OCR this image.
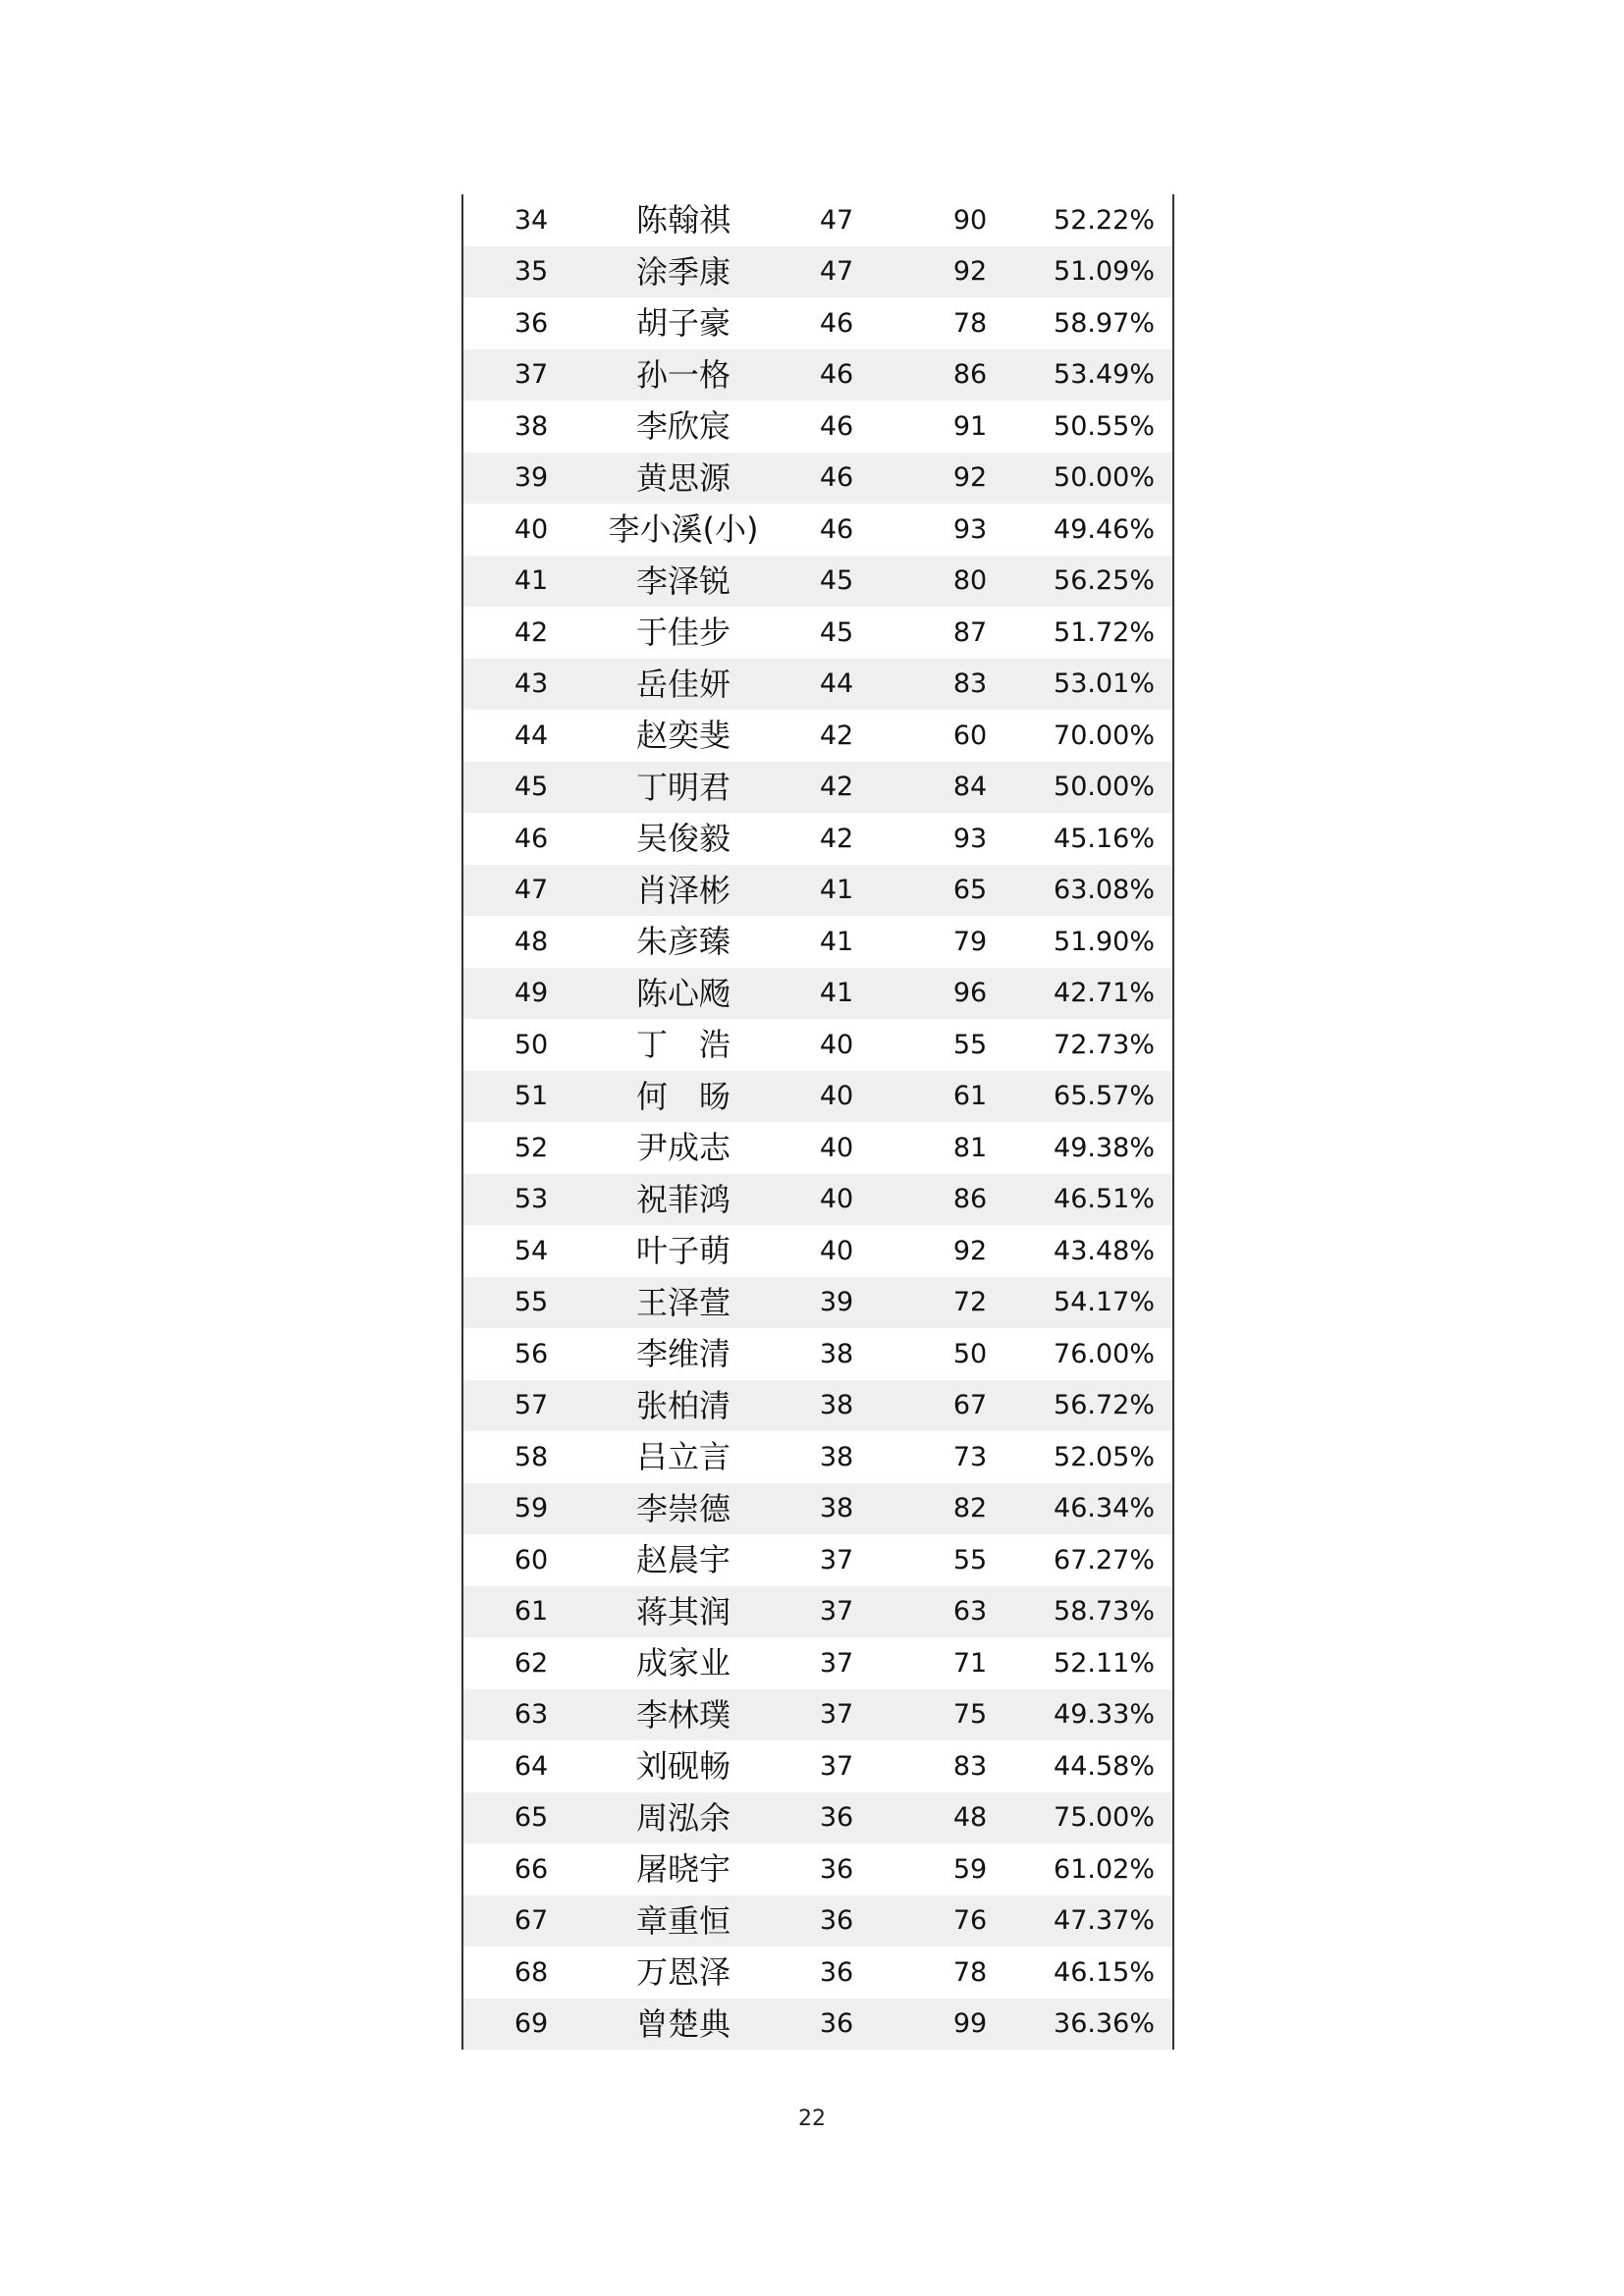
34	陈翰祺	47	90	52.22%
35	涂季康	47	92	51.09%
36	胡子豪	46	78	58.97%
37	孙一格	46	86	53.49%
38	李欣宸	46	91	50.55%
39	黄思源	46	92	50.00%
40	李小溪(小)	46	93	49.46%
41	李泽锐	45	80	56.25%
42	于佳步	45	87	51.72%
43	岳佳妍	44	83	53.01%
44	赵奕斐	42	60	70.00%
45	丁明君	42	84	50.00%
46	吴俊毅	42	93	45.16%
47	肖泽彬	41	65	63.08%
48	朱彦臻	41	79	51.90%
49	陈心飏	41	96	42.71%
50	丁　浩	40	55	72.73%
51	何　旸	40	61	65.57%
52	尹成志	40	81	49.38%
53	祝菲鸿	40	86	46.51%
54	叶子萌	40	92	43.48%
55	王泽萱	39	72	54.17%
56	李维清	38	50	76.00%
57	张柏清	38	67	56.72%
58	吕立言	38	73	52.05%
59	李崇德	38	82	46.34%
60	赵晨宇	37	55	67.27%
61	蒋其润	37	63	58.73%
62	成家业	37	71	52.11%
63	李林璞	37	75	49.33%
64	刘砚畅	37	83	44.58%
65	周泓余	36	48	75.00%
66	屠晓宇	36	59	61.02%
67	章重恒	36	76	47.37%
68	万恩泽	36	78	46.15%
69	曾楚典	36	99	36.36%
22
